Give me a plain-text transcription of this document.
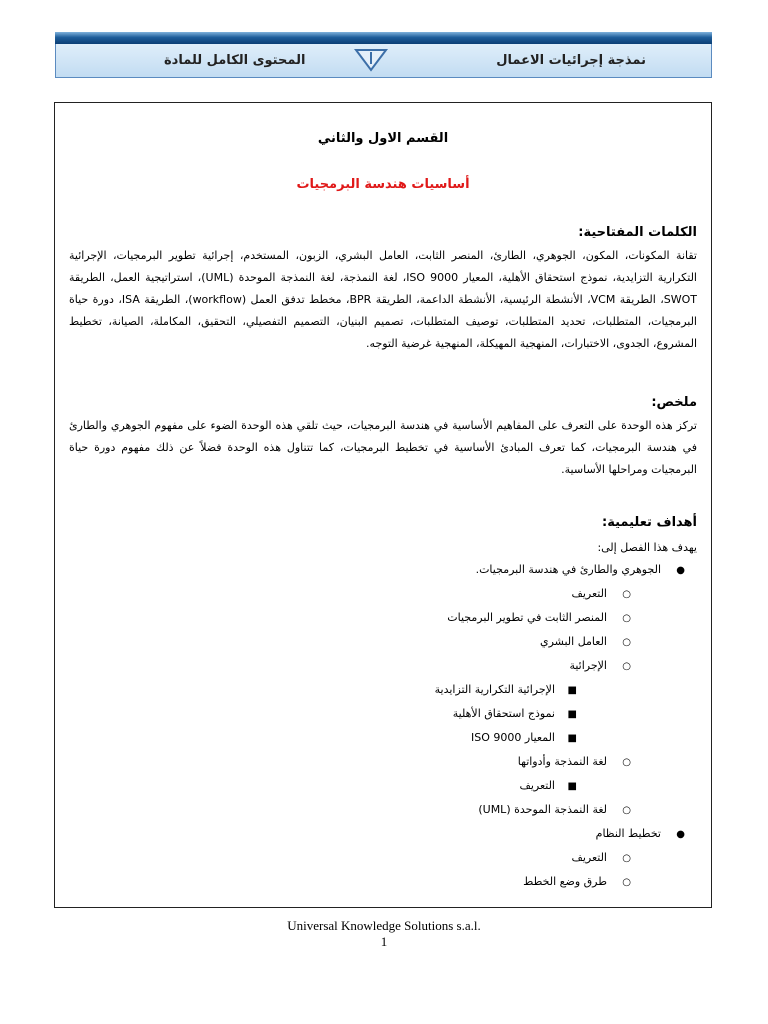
نمذجة إجرائيات الاعمال
المحتوى الكامل للمادة
القسم الاول والثاني
أساسيات هندسة البرمجيات
الكلمات المفتاحية:
تقانة المكونات، المكون، الجوهري، الطارئ، المنصر الثابت، العامل البشري، الزبون، المستخدم، إجرائية تطوير البرمجيات، الإجرائية التكرارية التزايدية، نموذج استحقاق الأهلية، المعيار ISO 9000، لغة النمذجة، لغة النمذجة الموحدة (UML)، استراتيجية العمل، الطريقة SWOT، الطريقة VCM، الأنشطة الرئيسية، الأنشطة الداعمة، الطريقة BPR، مخطط تدفق العمل (workflow)، الطريقة ISA، دورة حياة البرمجيات، المتطلبات، تحديد المتطلبات، توصيف المتطلبات، تصميم البنيان، التصميم التفصيلي، التحقيق، المكاملة، الصيانة، تخطيط المشروع، الجدوى، الاختبارات، المنهجية المهيكلة، المنهجية غرضية التوجه.
ملخص:
تركز هذه الوحدة على التعرف على المفاهيم الأساسية في هندسة البرمجيات، حيث تلقي هذه الوحدة الضوء على مفهوم الجوهري والطارئ في هندسة البرمجيات، كما تعرف المبادئ الأساسية في تخطيط البرمجيات، كما تتناول هذه الوحدة فضلاً عن ذلك مفهوم دورة حياة البرمجيات ومراحلها الأساسية.
أهداف تعليمية:
يهدف هذا الفصل إلى:
●
الجوهري والطارئ في هندسة البرمجيات.
○
التعريف
○
المنصر الثابت في تطوير البرمجيات
○
العامل البشري
○
الإجرائية
■
الإجرائية التكرارية التزايدية
■
نموذج استحقاق الأهلية
■
المعيار ISO 9000
○
لغة النمذجة وأدواتها
■
التعريف
○
لغة النمذجة الموحدة (UML)
●
تخطيط النظام
○
التعريف
○
طرق وضع الخطط
Universal Knowledge Solutions s.a.l.
1
